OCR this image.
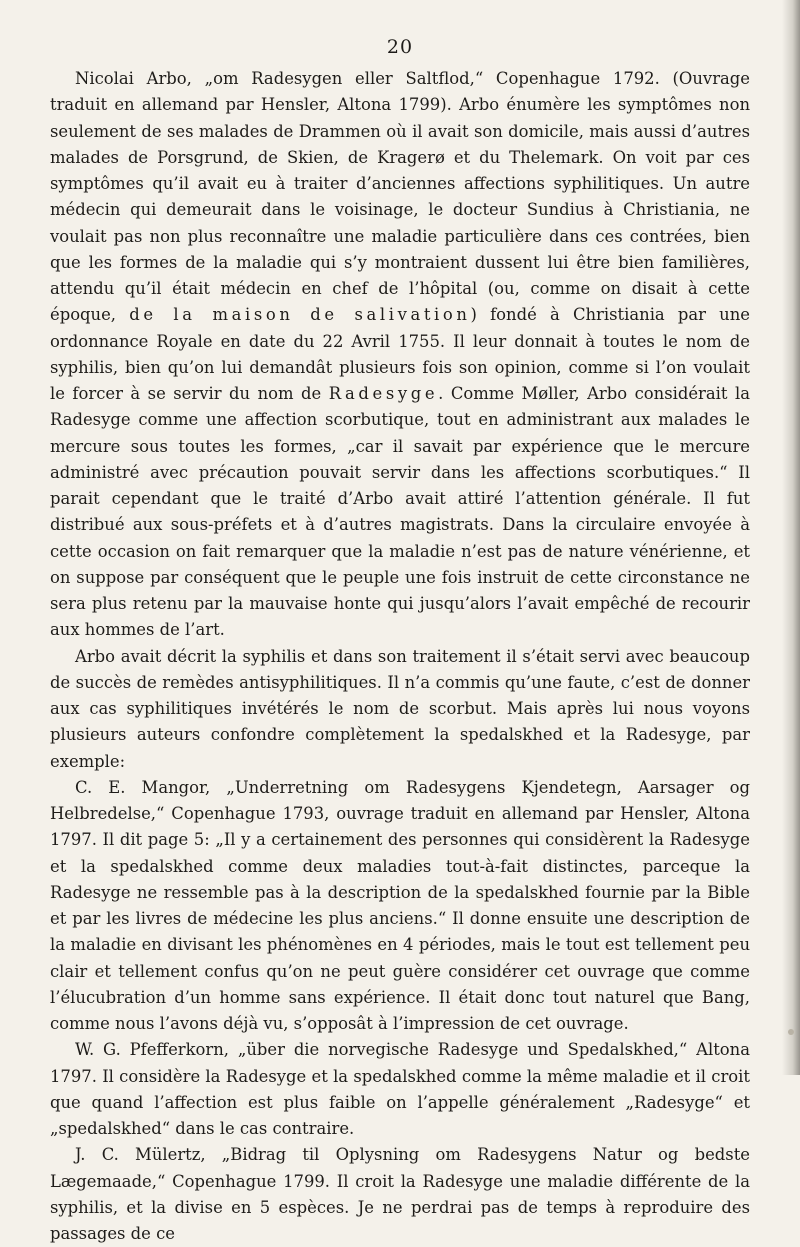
20

Nicolai Arbo, „om Radesygen eller Saltflod,“ Copenhague 1792. (Ouvrage traduit en allemand par Hensler, Altona 1799). Arbo énumère les symptômes non seulement de ses malades de Drammen où il avait son domicile, mais aussi d’autres malades de Porsgrund, de Skien, de Kragerø et du Thelemark. On voit par ces symptômes qu’il avait eu à traiter d’anciennes affections syphilitiques. Un autre médecin qui demeurait dans le voisinage, le docteur Sundius à Christiania, ne voulait pas non plus reconnaître une maladie particulière dans ces contrées, bien que les formes de la maladie qui s’y montraient dussent lui être bien familières, attendu qu’il était médecin en chef de l’hôpital (ou, comme on disait à cette époque, de la maison de salivation) fondé à Christiania par une ordonnance Royale en date du 22 Avril 1755. Il leur donnait à toutes le nom de syphilis, bien qu’on lui demandât plusieurs fois son opinion, comme si l’on voulait le forcer à se servir du nom de Radesyge. Comme Møller, Arbo considérait la Radesyge comme une affection scorbutique, tout en administrant aux malades le mercure sous toutes les formes, „car il savait par expérience que le mercure administré avec précaution pouvait servir dans les affections scorbutiques.“ Il parait cependant que le traité d’Arbo avait attiré l’attention générale. Il fut distribué aux sous-préfets et à d’autres magistrats. Dans la circulaire envoyée à cette occasion on fait remarquer que la maladie n’est pas de nature vénérienne, et on suppose par conséquent que le peuple une fois instruit de cette circonstance ne sera plus retenu par la mauvaise honte qui jusqu’alors l’avait empêché de recourir aux hommes de l’art.

Arbo avait décrit la syphilis et dans son traitement il s’était servi avec beaucoup de succès de remèdes antisyphilitiques. Il n’a commis qu’une faute, c’est de donner aux cas syphilitiques invétérés le nom de scorbut. Mais après lui nous voyons plusieurs auteurs confondre complètement la spedalskhed et la Radesyge, par exemple:

C. E. Mangor, „Underretning om Radesygens Kjendetegn, Aarsager og Helbredelse,“ Copenhague 1793, ouvrage traduit en allemand par Hensler, Altona 1797. Il dit page 5: „Il y a certainement des personnes qui considèrent la Radesyge et la spedalskhed comme deux maladies tout-à-fait distinctes, parceque la Radesyge ne ressemble pas à la description de la spedalskhed fournie par la Bible et par les livres de médecine les plus anciens.“ Il donne ensuite une description de la maladie en divisant les phénomènes en 4 périodes, mais le tout est tellement peu clair et tellement confus qu’on ne peut guère considérer cet ouvrage que comme l’élucubration d’un homme sans expérience. Il était donc tout naturel que Bang, comme nous l’avons déjà vu, s’opposât à l’impression de cet ouvrage.

W. G. Pfefferkorn, „über die norvegische Radesyge und Spedalskhed,“ Altona 1797. Il considère la Radesyge et la spedalskhed comme la même maladie et il croit que quand l’affection est plus faible on l’appelle généralement „Radesyge“ et „spedalskhed“ dans le cas contraire.

J. C. Mülertz, „Bidrag til Oplysning om Radesygens Natur og bedste Lægemaade,“ Copenhague 1799. Il croit la Radesyge une maladie différente de la syphilis, et la divise en 5 espèces. Je ne perdrai pas de temps à reproduire des passages de ce
